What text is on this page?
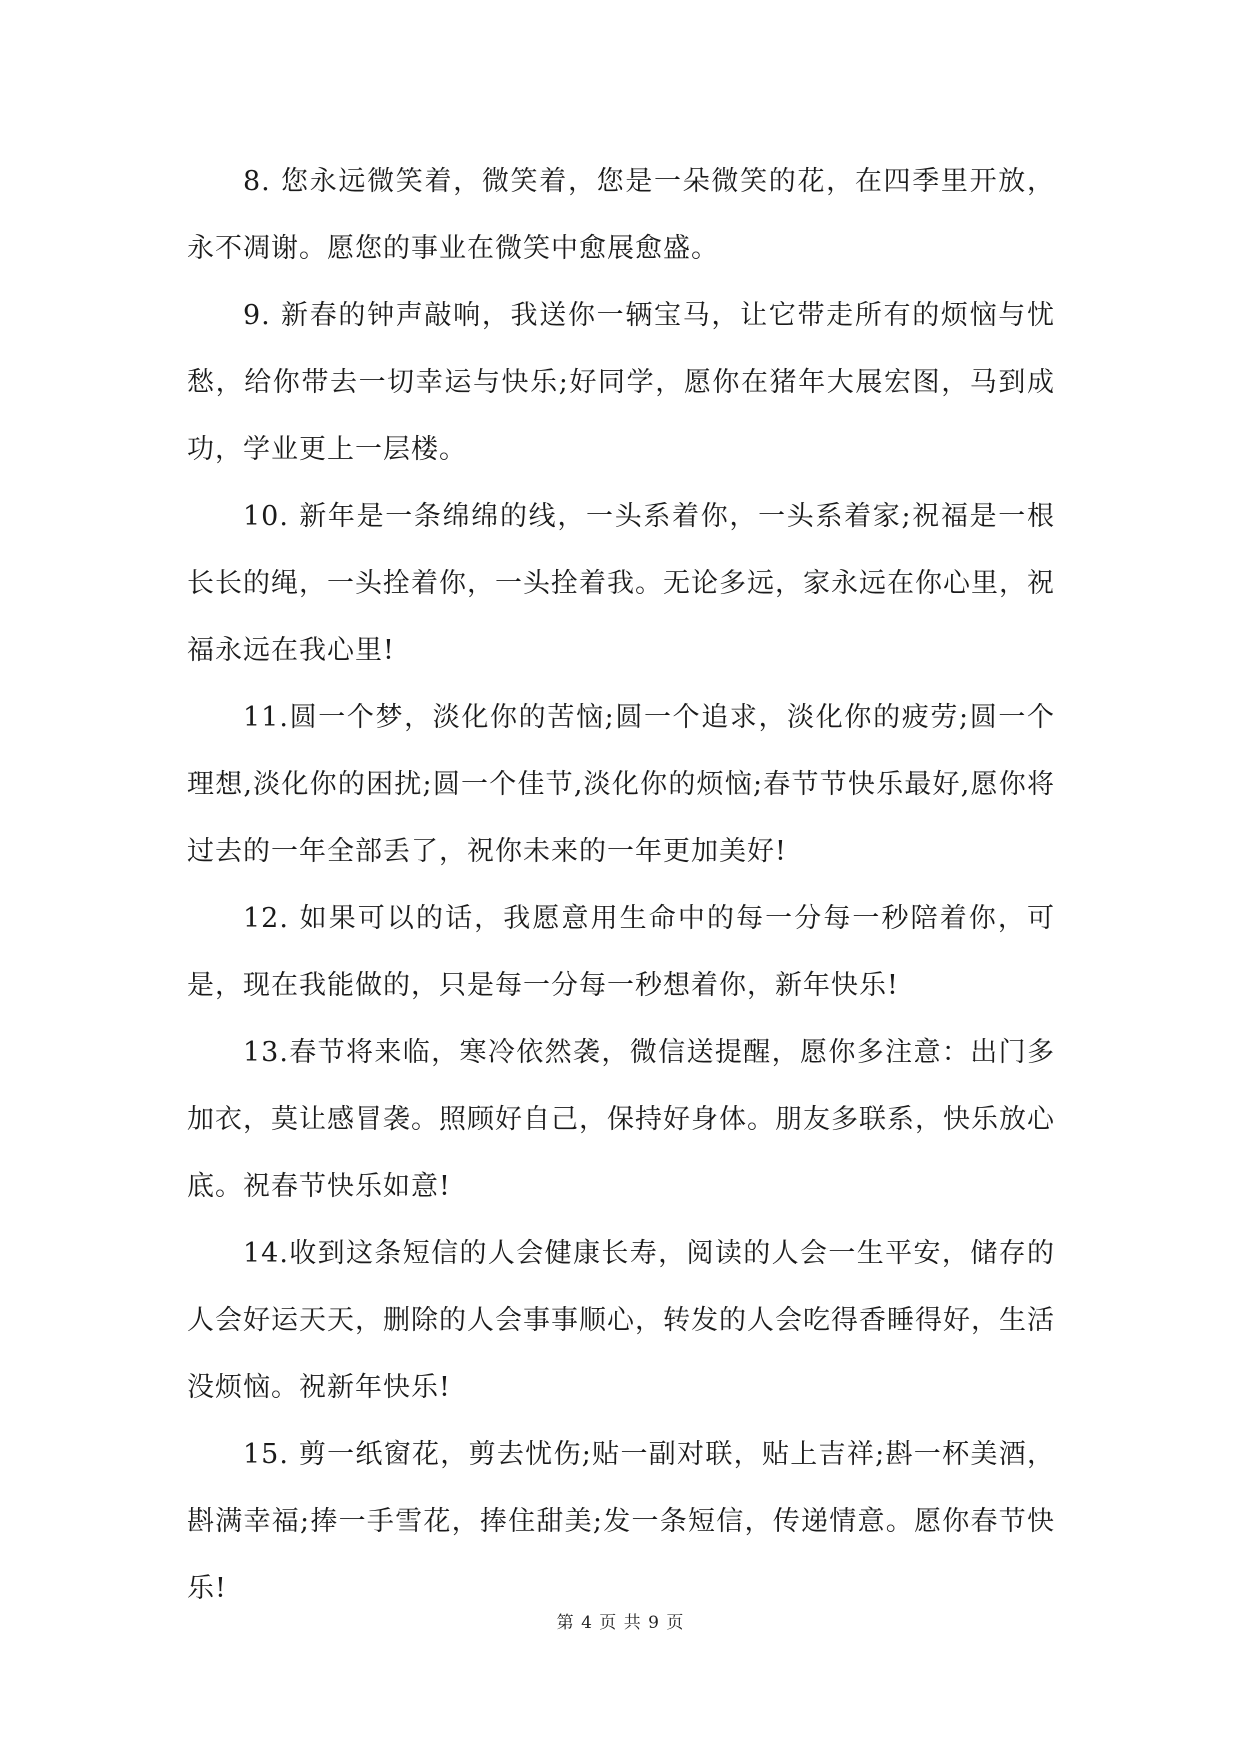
8. 您永远微笑着，微笑着，您是一朵微笑的花，在四季里开放，永不凋谢。愿您的事业在微笑中愈展愈盛。

9. 新春的钟声敲响，我送你一辆宝马，让它带走所有的烦恼与忧愁，给你带去一切幸运与快乐;好同学，愿你在猪年大展宏图，马到成功，学业更上一层楼。

10. 新年是一条绵绵的线，一头系着你，一头系着家;祝福是一根长长的绳，一头拴着你，一头拴着我。无论多远，家永远在你心里，祝福永远在我心里!

11.圆一个梦，淡化你的苦恼;圆一个追求，淡化你的疲劳;圆一个理想,淡化你的困扰;圆一个佳节,淡化你的烦恼;春节节快乐最好,愿你将过去的一年全部丢了，祝你未来的一年更加美好!

12. 如果可以的话，我愿意用生命中的每一分每一秒陪着你，可是，现在我能做的，只是每一分每一秒想着你，新年快乐!

13.春节将来临，寒冷依然袭，微信送提醒，愿你多注意：出门多加衣，莫让感冒袭。照顾好自己，保持好身体。朋友多联系，快乐放心底。祝春节快乐如意!

14.收到这条短信的人会健康长寿，阅读的人会一生平安，储存的人会好运天天，删除的人会事事顺心，转发的人会吃得香睡得好，生活没烦恼。祝新年快乐!

15. 剪一纸窗花，剪去忧伤;贴一副对联，贴上吉祥;斟一杯美酒，斟满幸福;捧一手雪花，捧住甜美;发一条短信，传递情意。愿你春节快乐!

第 4 页 共 9 页
